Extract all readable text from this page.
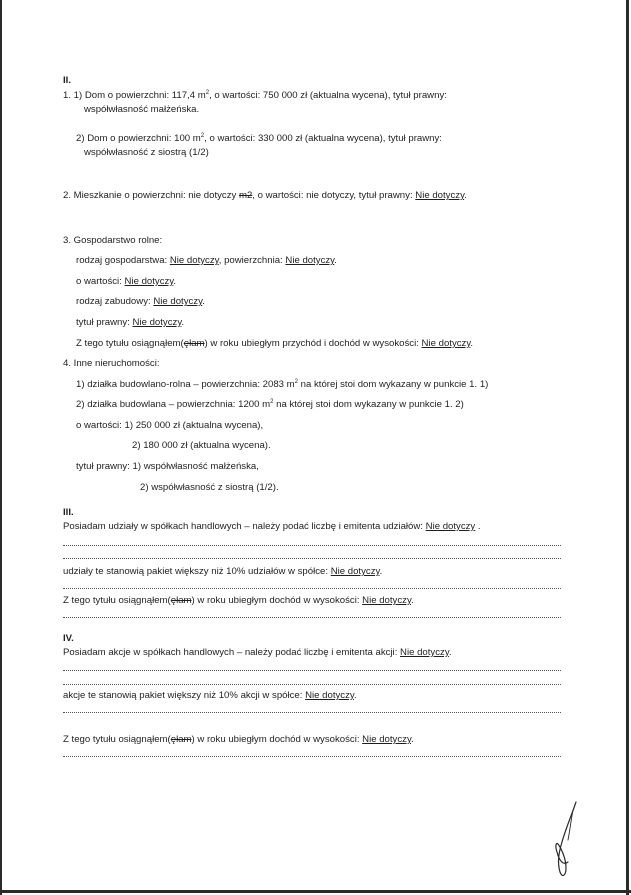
II.
1. 1) Dom o powierzchni: 117,4 $m^2$, o wartości: 750 000 zł (aktualna wycena), tytuł prawny:
współwłasność małżeńska.
2) Dom o powierzchni: 100 $m^2$, o wartości: 330 000 zł (aktualna wycena), tytuł prawny:
współwłasność z siostrą (1/2)
2. Mieszkanie o powierzchni: nie dotyczy m2, o wartości: nie dotyczy, tytuł prawny: Nie dotyczy.
3. Gospodarstwo rolne:
rodzaj gospodarstwa: Nie dotyczy, powierzchnia: Nie dotyczy.
o wartości: Nie dotyczy.
rodzaj zabudowy: Nie dotyczy.
tytuł prawny: Nie dotyczy.
Z tego tytułu osiągnąłem(ęłam) w roku ubiegłym przychód i dochód w wysokości: Nie dotyczy.
4. Inne nieruchomości:
1) działka budowlano-rolna – powierzchnia: 2083 $m^2$ na której stoi dom wykazany w punkcie 1. 1)
2) działka budowlana – powierzchnia: 1200 $m^2$ na której stoi dom wykazany w punkcie 1. 2)
o wartości: 1) 250 000 zł (aktualna wycena),
2) 180 000 zł (aktualna wycena).
tytuł prawny: 1) współwłasność małżeńska,
2) współwłasność z siostrą (1/2).
III.
Posiadam udziały w spółkach handlowych – należy podać liczbę i emitenta udziałów: Nie dotyczy .
udziały te stanowią pakiet większy niż 10% udziałów w spółce: Nie dotyczy.
Z tego tytułu osiągnąłem(ęłam) w roku ubiegłym dochód w wysokości: Nie dotyczy.
IV.
Posiadam akcje w spółkach handlowych – należy podać liczbę i emitenta akcji: Nie dotyczy.
akcje te stanowią pakiet większy niż 10% akcji w spółce: Nie dotyczy.
Z tego tytułu osiągnąłem(ęłam) w roku ubiegłym dochód w wysokości: Nie dotyczy.
